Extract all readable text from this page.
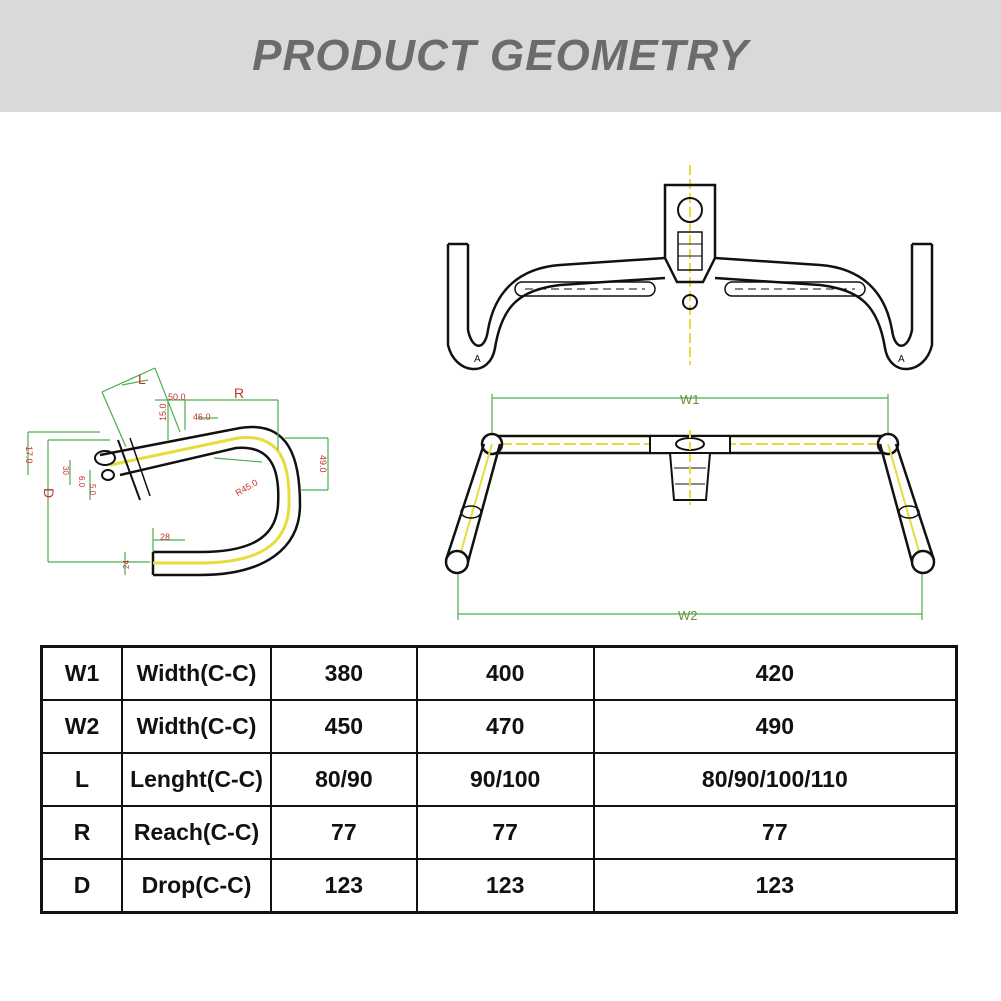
PRODUCT GEOMETRY
L
R
50.0
15.0	46.0
R45.0
49.0
17.0
D
28
24
30
6.0
5.0
A	A
W1
W2
W1	Width(C-C)	380	400	420
W2	Width(C-C)	450	470	490
L	Lenght(C-C)	80/90	90/100	80/90/100/110
R	Reach(C-C)	77	77	77
D	Drop(C-C)	123	123	123
